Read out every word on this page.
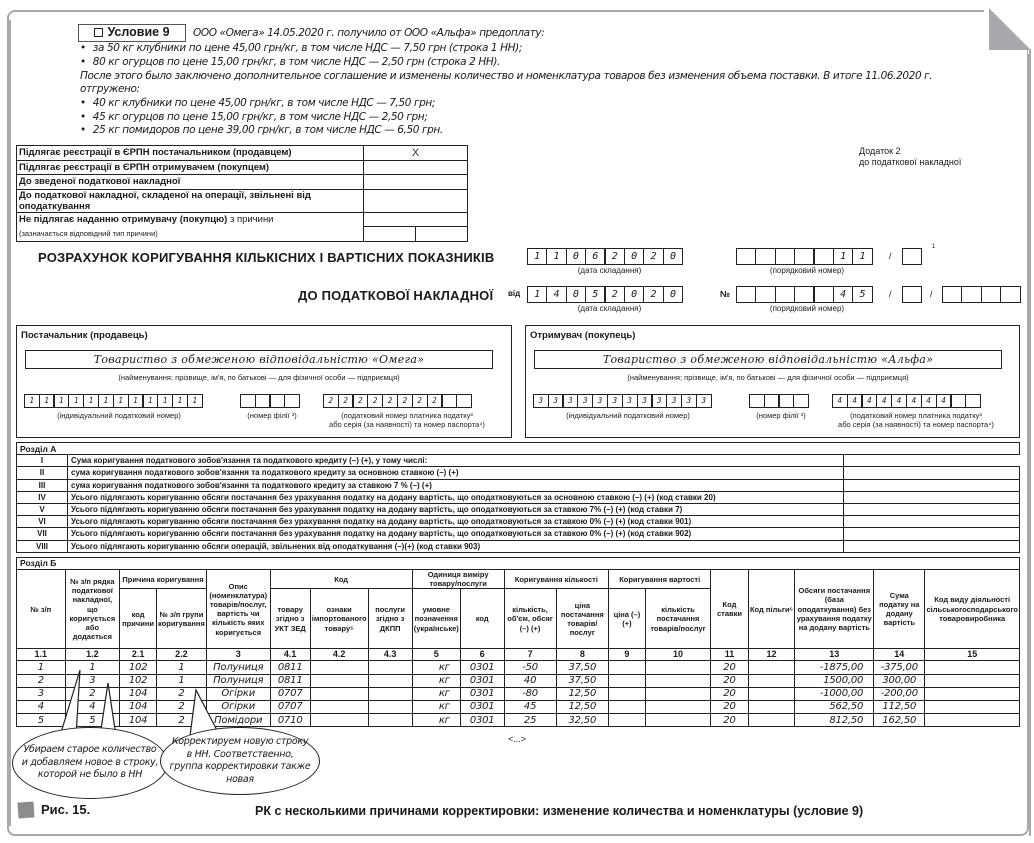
Условие 9	ООО «Омега» 14.05.2020 г. получило от ООО «Альфа» предоплату:
• за 50 кг клубники по цене 45,00 грн/кг, в том числе НДС — 7,50 грн (строка 1 НН);
• 80 кг огурцов по цене 15,00 грн/кг, в том числе НДС — 2,50 грн (строка 2 НН).
После этого было заключено дополнительное соглашение и изменены количество и номенклатура товаров без изменения объема поставки. В итоге 11.06.2020 г.
отгружено:
• 40 кг клубники по цене 45,00 грн/кг, в том числе НДС — 7,50 грн;
• 45 кг огурцов по цене 15,00 грн/кг, в том числе НДС — 2,50 грн;
• 25 кг помидоров по цене 39,00 грн/кг, в том числе НДС — 6,50 грн.
Підлягає реєстрації в ЄРПН постачальником (продавцем)	X	
Підлягає реєстрації в ЄРПН отримувачем (покупцем)		
До зведеної податкової накладної		
До податкової накладної, складеної на операції, звільнені від оподаткування		
Не підлягає наданню отримувачу (покупцю) з причини		
(зазначається відповідний тип причини)		
Додаток 2
до податкової накладної
РОЗРАХУНОК КОРИГУВАННЯ КІЛЬКІСНИХ І ВАРТІСНИХ ПОКАЗНИКІВ
ДО ПОДАТКОВОЇ НАКЛАДНОЇ від
1	1	0	6	2	0	2	0
(дата складання)
1	1
(порядковий номер)
/
1
1	4	0	5	2	0	2	0
(дата складання)
№	4	5
(порядковий номер)
/	/
Постачальник (продавець)
Товариство з обмеженою відповідальністю «Омега»
(найменування; прізвище, ім'я, по батькові — для фізичної особи — підприємця)
1	1	1	1	1	1	1	1	1	1	1	1
(індивідуальний податковий номер)	(номер філії ³)
2	2	2	2	2	2	2	2
(податковий номер платника податку³
або серія (за наявності) та номер паспорта⁴)
Отримувач (покупець)
Товариство з обмеженою відповідальністю «Альфа»
(найменування; прізвище, ім'я, по батькові — для фізичної особи — підприємця)
3	3	3	3	3	3	3	3	3	3	3	3
(індивідуальний податковий номер)	(номер філії ³)
4	4	4	4	4	4	4	4
(податковий номер платника податку³
або серія (за наявності) та номер паспорта⁴)
Розділ А		
I	Сума коригування податкового зобов'язання та податкового кредиту (–) (+), у тому числі:	
II	сума коригування податкового зобов'язання та податкового кредиту за основною ставкою (–) (+)	
III	сума коригування податкового зобов'язання та податкового кредиту за ставкою 7 % (–) (+)	
IV	Усього підлягають коригуванню обсяги постачання без урахування податку на додану вартість, що оподатковуються за основною ставкою (–) (+) (код ставки 20)	
V	Усього підлягають коригуванню обсяги постачання без урахування податку на додану вартість, що оподатковуються за ставкою 7% (–) (+) (код ставки 7)	
VI	Усього підлягають коригуванню обсяги постачання без урахування податку на додану вартість, що оподатковуються за ставкою 0% (–) (+) (код ставки 901)	
VII	Усього підлягають коригуванню обсяги постачання без урахування податку на додану вартість, що оподатковуються за ставкою 0% (–) (+) (код ставки 902)	
VIII	Усього підлягають коригуванню обсяги операцій, звільнених від оподаткування (–)(+) (код ставки 903)	
Розділ Б																		
№ з/п	№ з/п рядка податкової накладної, що коригується або додається	Причина коригування		Опис (номенклатура) товарів/послуг, вартість чи кількість яких коригується	Код			Одиниця виміру товару/послуги		Коригування кількості		Коригування вартості		Код ставки	Код пільги⁶	Обсяги постачання (база оподаткування) без урахування податку на додану вартість	Сума податку на додану вартість	Код виду діяльності сільськогосподарського товаровиробника
		код причини	№ з/п групи коригування		товару згідно з УКТ ЗЕД	ознаки імпортованого товару⁵	послуги згідно з ДКПП	умовне позначення (українське)	код	кількість, об'єм, обсяг (–) (+)	ціна постачання товарів/послуг	ціна (–)(+)	кількість постачання товарів/послуг					
1.1	1.2	2.1	2.2	3	4.1	4.2	4.3	5	6	7	8	9	10	11	12	13	14	15
1	1	102	1	Полуниця	0811			кг	0301	-50	37,50			20		-1875,00	-375,00	
2	3	102	1	Полуниця	0811			кг	0301	40	37,50			20		1500,00	300,00	
3	2	104	2	Огірки	0707			кг	0301	-80	12,50			20		-1000,00	-200,00	
4	4	104	2	Огірки	0707			кг	0301	45	12,50			20		562,50	112,50	
5	5	104	2	Помідори	0710			кг	0301	25	32,50			20		812,50	162,50	
<...>
Убираем старое количество и добавляем новое в строку, которой не было в НН
Корректируем новую строку в НН. Соответственно, группа корректировки также новая
Рис. 15.	РК с несколькими причинами корректировки: изменение количества и номенклатуры (условие 9)
